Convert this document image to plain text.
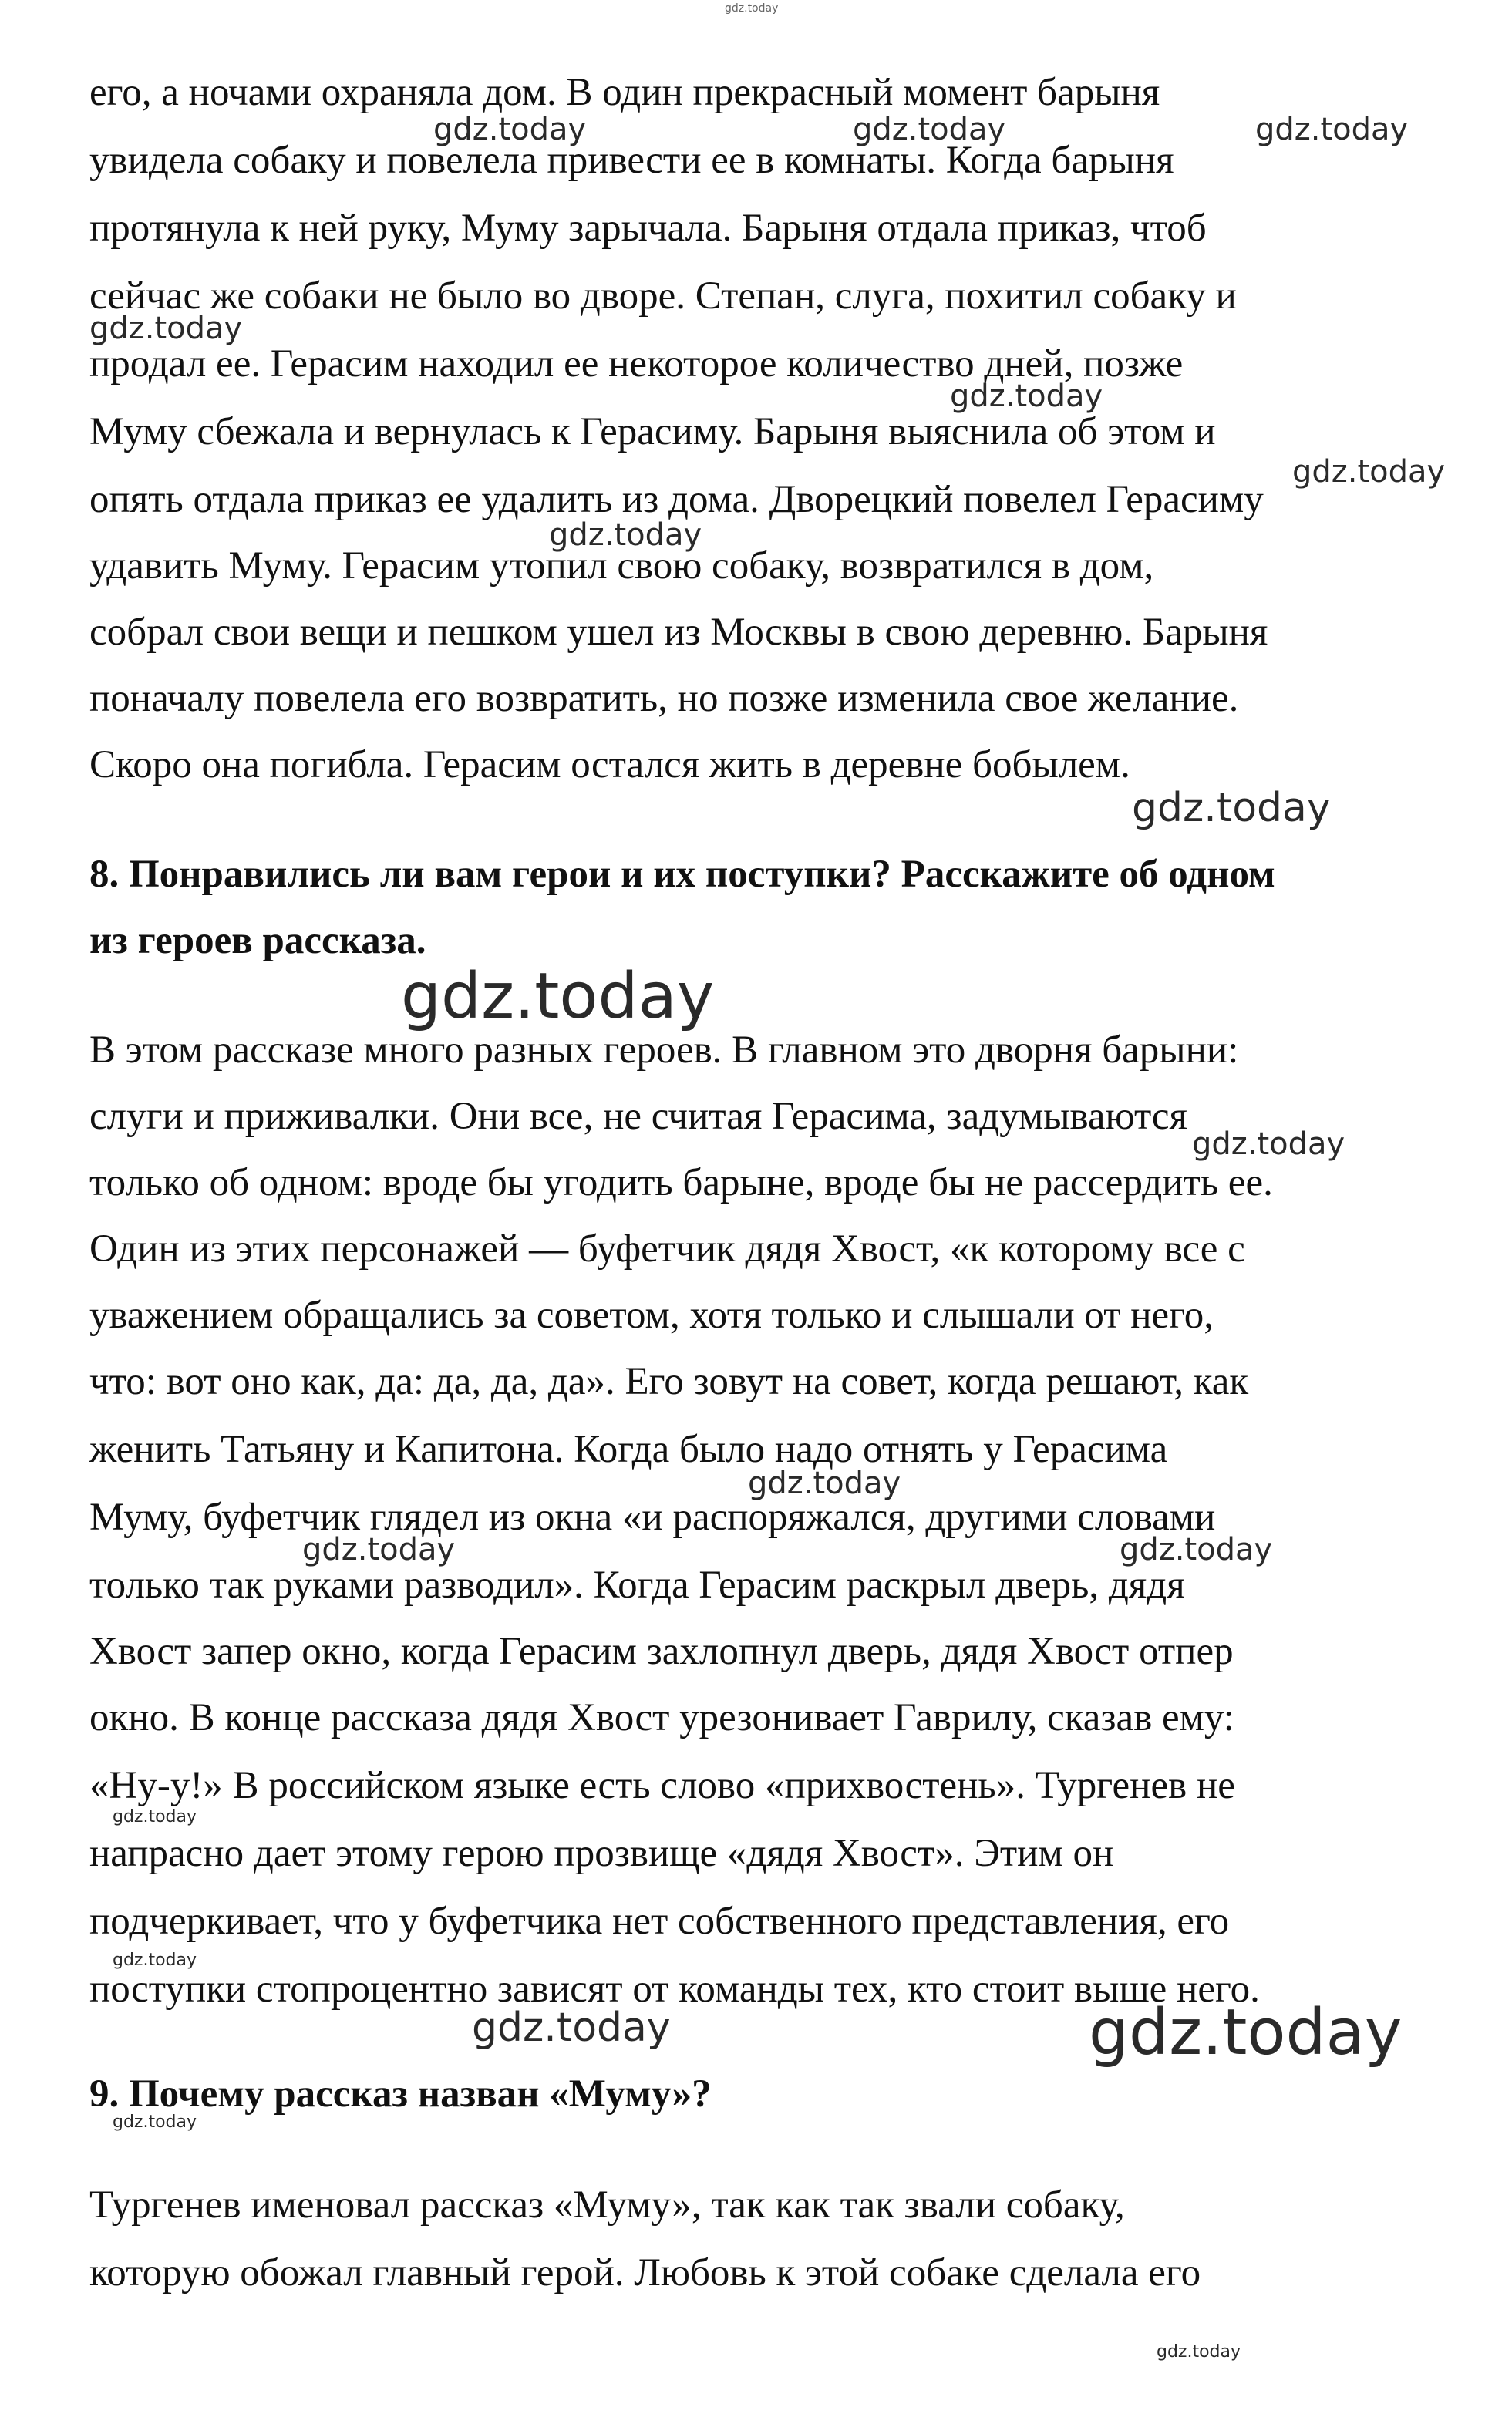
gdz.today

его, а ночами охраняла дом. В один прекрасный момент барыня

увидела собаку и повелела привести ее в комнаты. Когда барыня

протянула к ней руку, Муму зарычала. Барыня отдала приказ, чтоб

сейчас же собаки не было во дворе. Степан, слуга, похитил собаку и

продал ее. Герасим находил ее некоторое количество дней, позже

Муму сбежала и вернулась к Герасиму. Барыня выяснила об этом и

опять отдала приказ ее удалить из дома. Дворецкий повелел Герасиму

удавить Муму. Герасим утопил свою собаку, возвратился в дом,

собрал свои вещи и пешком ушел из Москвы в свою деревню. Барыня

поначалу повелела его возвратить, но позже изменила свое желание.

Скоро она погибла. Герасим остался жить в деревне бобылем.

8. Понравились ли вам герои и их поступки? Расскажите об одном

из героев рассказа.

В этом рассказе много разных героев. В главном это дворня барыни:

слуги и приживалки. Они все, не считая Герасима, задумываются

только об одном: вроде бы угодить барыне, вроде бы не рассердить ее.

Один из этих персонажей — буфетчик дядя Хвост, «к которому все с

уважением обращались за советом, хотя только и слышали от него,

что: вот оно как, да: да, да, да». Его зовут на совет, когда решают, как

женить Татьяну и Капитона. Когда было надо отнять у Герасима

Муму, буфетчик глядел из окна «и распоряжался, другими словами

только так руками разводил». Когда Герасим раскрыл дверь, дядя

Хвост запер окно, когда Герасим захлопнул дверь, дядя Хвост отпер

окно. В конце рассказа дядя Хвост урезонивает Гаврилу, сказав ему:

«Ну-у!» В российском языке есть слово «прихвостень». Тургенев не

напрасно дает этому герою прозвище «дядя Хвост». Этим он

подчеркивает, что у буфетчика нет собственного представления, его

поступки стопроцентно зависят от команды тех, кто стоит выше него.

9. Почему рассказ назван «Муму»?

Тургенев именовал рассказ «Муму», так как так звали собаку,

которую обожал главный герой. Любовь к этой собаке сделала его

gdz.today	gdz.today	gdz.today
gdz.today
gdz.today
gdz.today
gdz.today
gdz.today
gdz.today
gdz.today
gdz.today
gdz.today	gdz.today
gdz.today
gdz.today
gdz.today	gdz.today
gdz.today
gdz.today
